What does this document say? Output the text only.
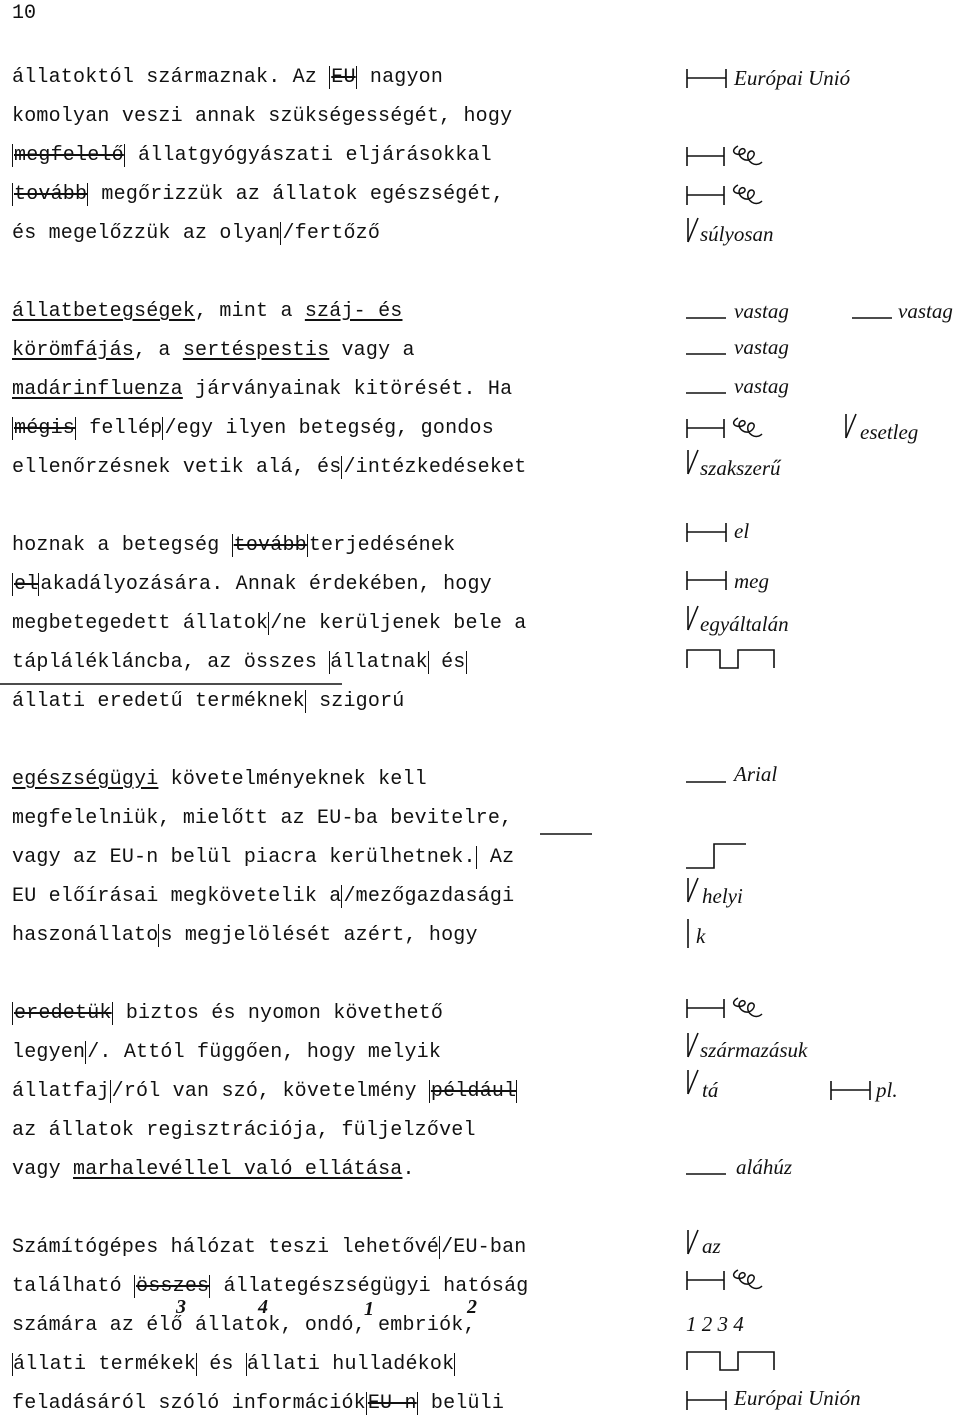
10
állatoktól származnak. Az EU nagyon
komolyan veszi annak szükségességét, hogy
megfelelő állatgyógyászati eljárásokkal
tovább megőrizzük az állatok egészségét,
és megelőzzük az olyan /fertőző
állatbetegségek, mint a száj- és
körömfájás, a sertéspestis vagy a
madárinfluenza járványainak kitörését. Ha
mégis fellép /egy ilyen betegség, gondos
ellenőrzésnek vetik alá, és /intézkedéseket
hoznak a betegség tovább terjedésének
el akadályozására. Annak érdekében, hogy
megbetegedett állatok /ne kerüljenek bele a
táplálékláncba, az összes állatnak és
állati eredetű terméknek szigorú
egészségügyi követelményeknek kell
megfelelniük, mielőtt az EU-ba bevitelre,
vagy az EU-n belül piacra kerülhetnek. Az
EU előírásai megkövetelik a /mezőgazdasági
haszonállato s megjelölését azért, hogy
eredetük biztos és nyomon követhető
legyen /. Attól függően, hogy melyik
állatfaj /ról van szó, követelmény például
az állatok regisztrációja, füljelzővel
vagy marhalevéllel való ellátása.
Számítógépes hálózat teszi lehetővé /EU-ban
található összes állategészségügyi hatóság
3	4	1	2
számára az élő állatok, ondó, embriók,
állati termékek és állati hulladékok
feladásáról szóló információk EU n belüli
Európai Unió
súlyosan
vastag	vastag
vastag
vastag
esetleg
szakszerű
el
meg
egyáltalán
Arial
helyi
k
származásuk
tá	pl.
aláhúz
az
1 2 3 4
Európai Unión
